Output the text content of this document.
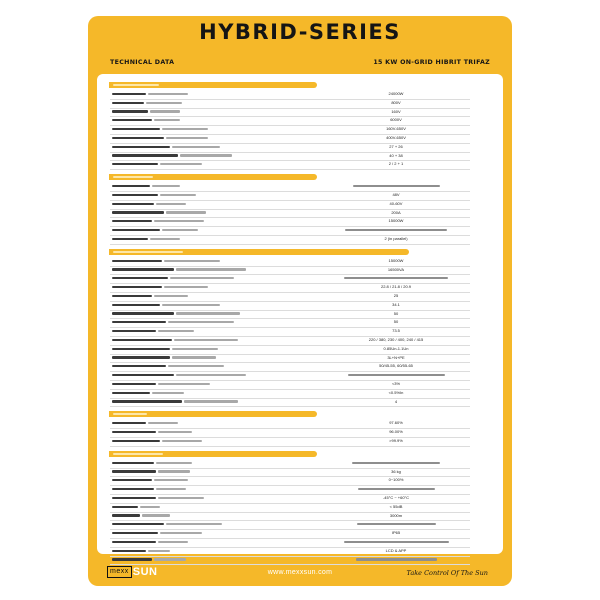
HYBRID-SERIES
TECHNICAL DATA	15 KW ON-GRID HIBRIT TRIFAZ
24000W
800V
160V
6000V
160V-650V
400V-650V
27 + 26
40 + 38
2 / 2 + 1
48V
40-60V
200A
15000W
2 (in parallel)
15000W
16500VA
22.8 / 21.8 / 20.9
25
34.1
50
50
73.5
220 / 380, 230 / 400, 240 / 415
0.85Un-1.1Un
3L+N+PE
50/45-55, 60/55-65
<3%
<0.5%In
4
97.60%
96.00%
>99.9%
36 kg
0~100%
-45°C ~ +60°C
< 55dB
3000m
IP65
LCD & APP
mexx SUN	www.mexxsun.com	Take Control Of The Sun
